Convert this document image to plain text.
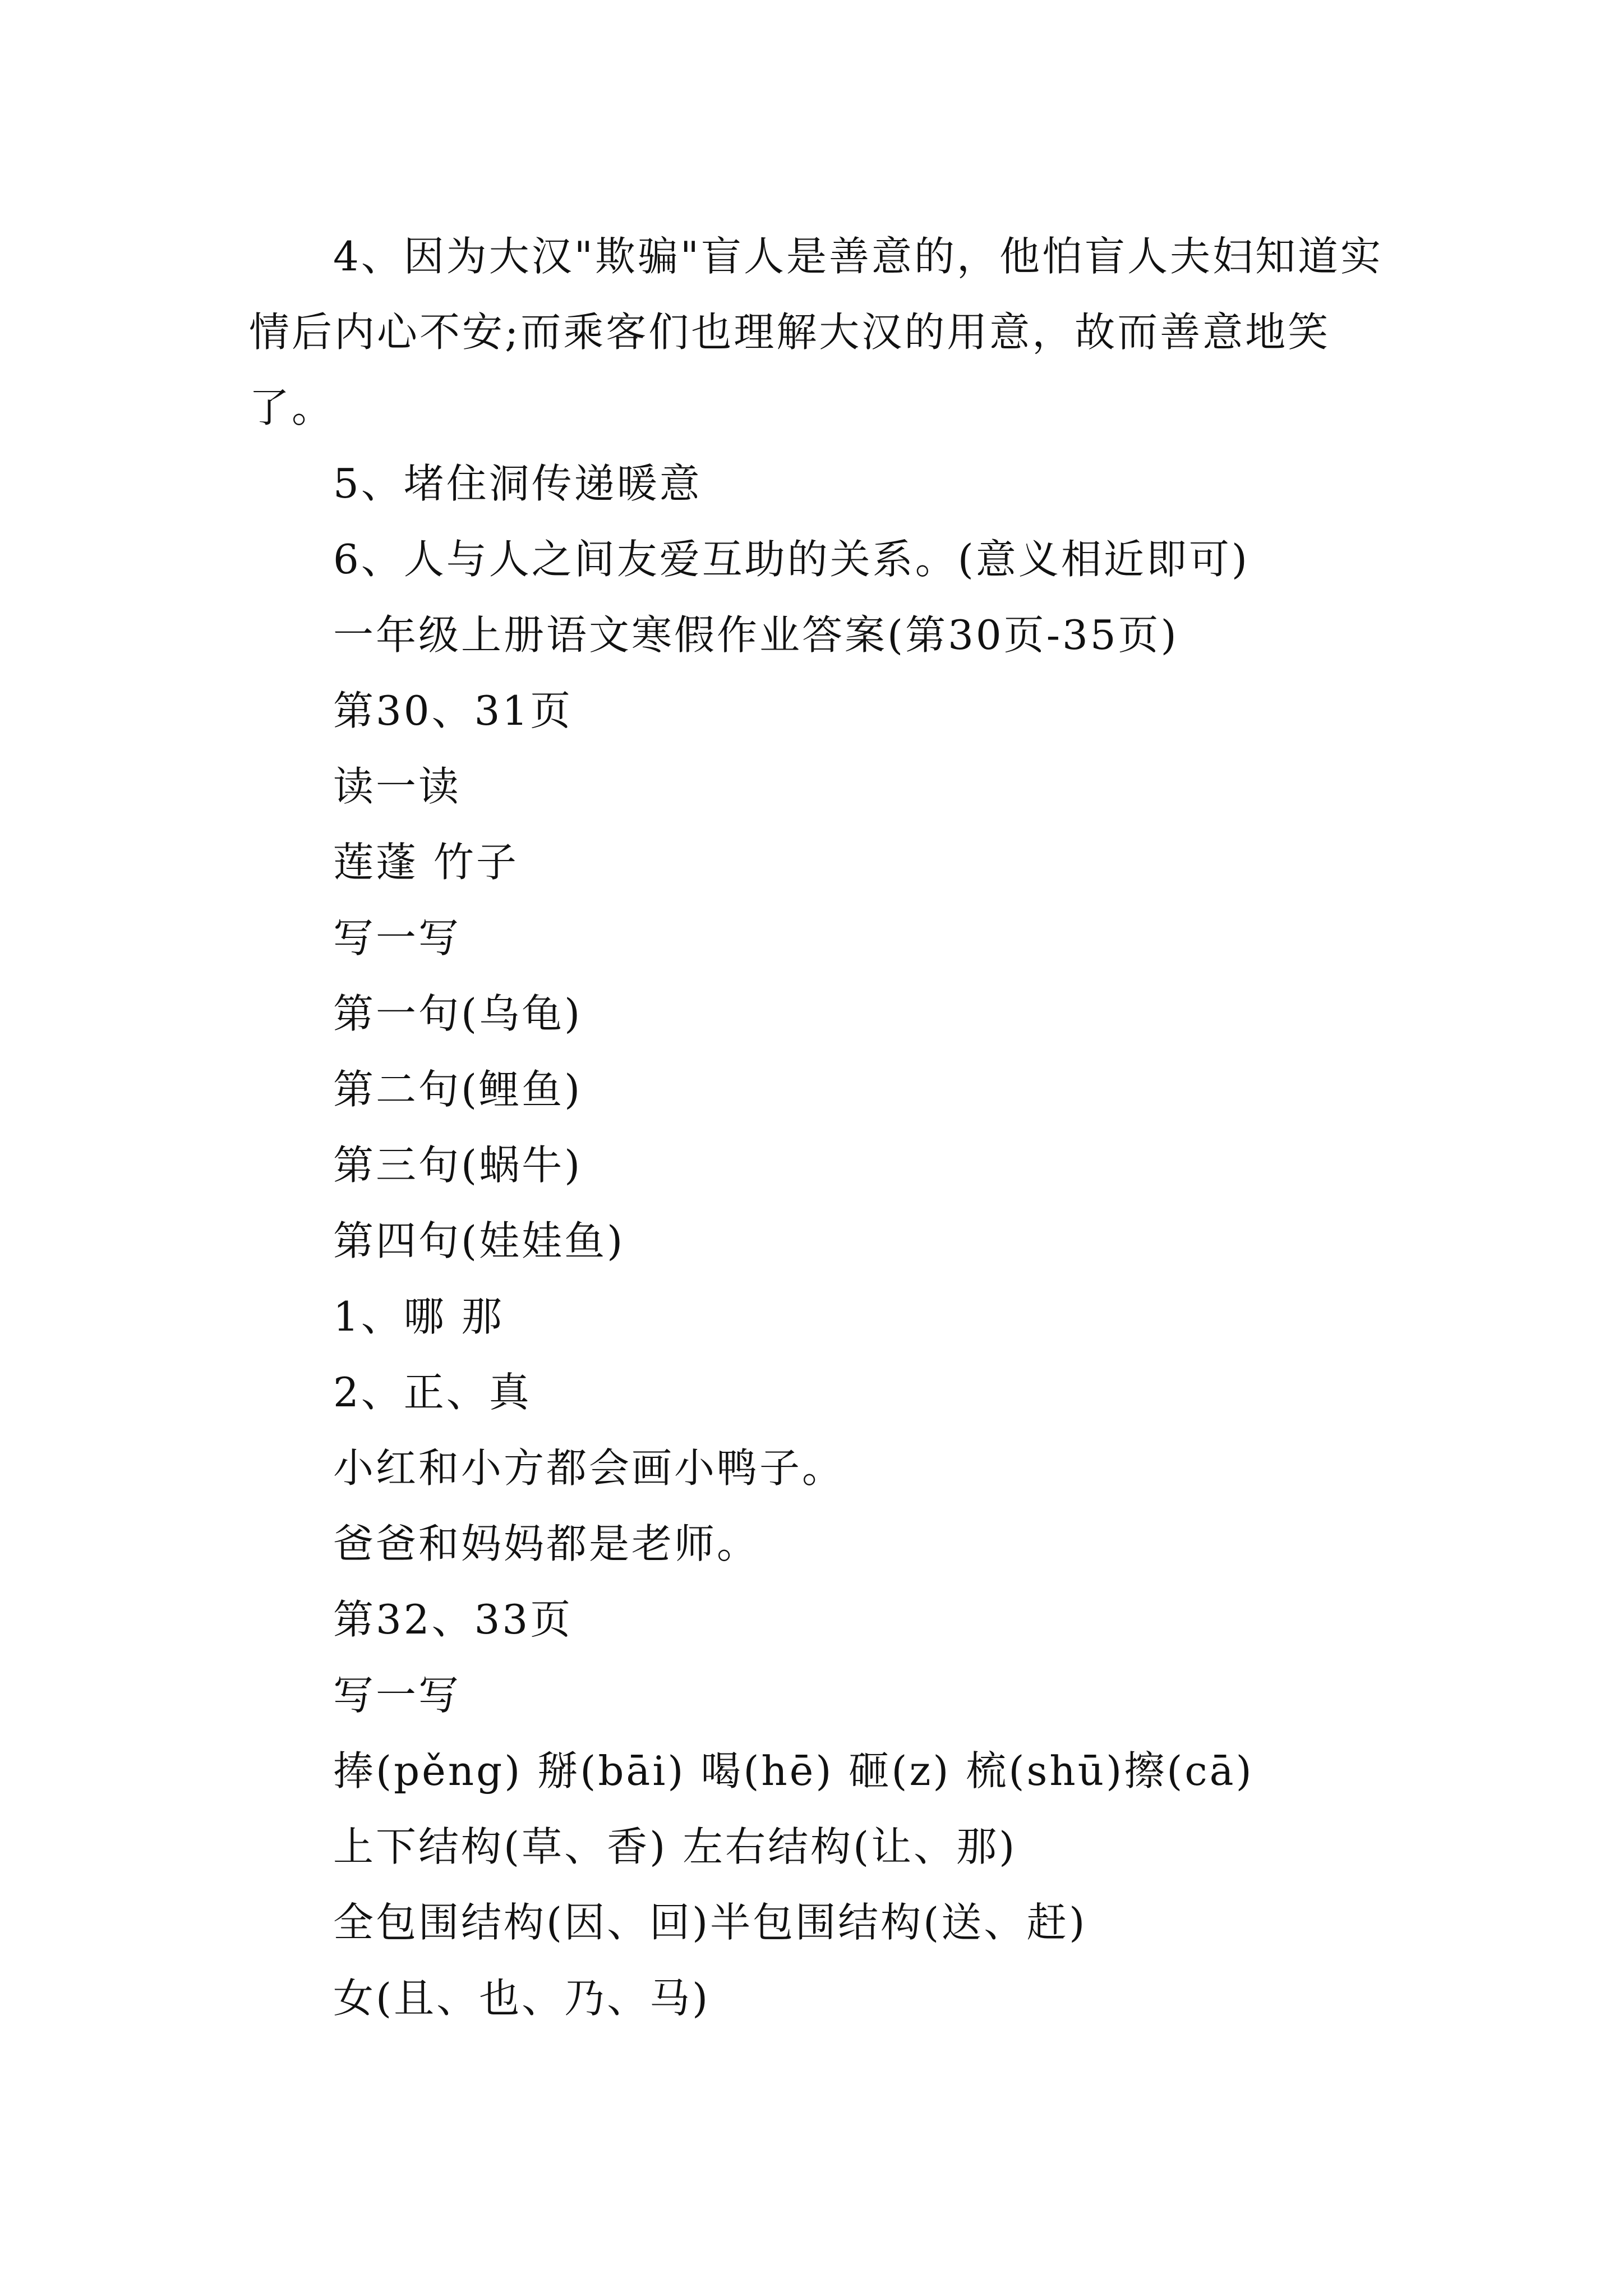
4、因为大汉"欺骗"盲人是善意的，他怕盲人夫妇知道实情后内心不安;而乘客们也理解大汉的用意，故而善意地笑了。

5、堵住洞传递暖意
6、人与人之间友爱互助的关系。(意义相近即可)
一年级上册语文寒假作业答案(第30页-35页)
第30、31页
读一读
莲蓬 竹子
写一写
第一句(乌龟)
第二句(鲤鱼)
第三句(蜗牛)
第四句(娃娃鱼)
1、哪 那
2、正、真
小红和小方都会画小鸭子。
爸爸和妈妈都是老师。
第32、33页
写一写
捧(pěng) 掰(bāi) 喝(hē) 砸(z) 梳(shū)擦(cā)
上下结构(草、香) 左右结构(让、那)
全包围结构(因、回)半包围结构(送、赶)
女(且、也、乃、马)
